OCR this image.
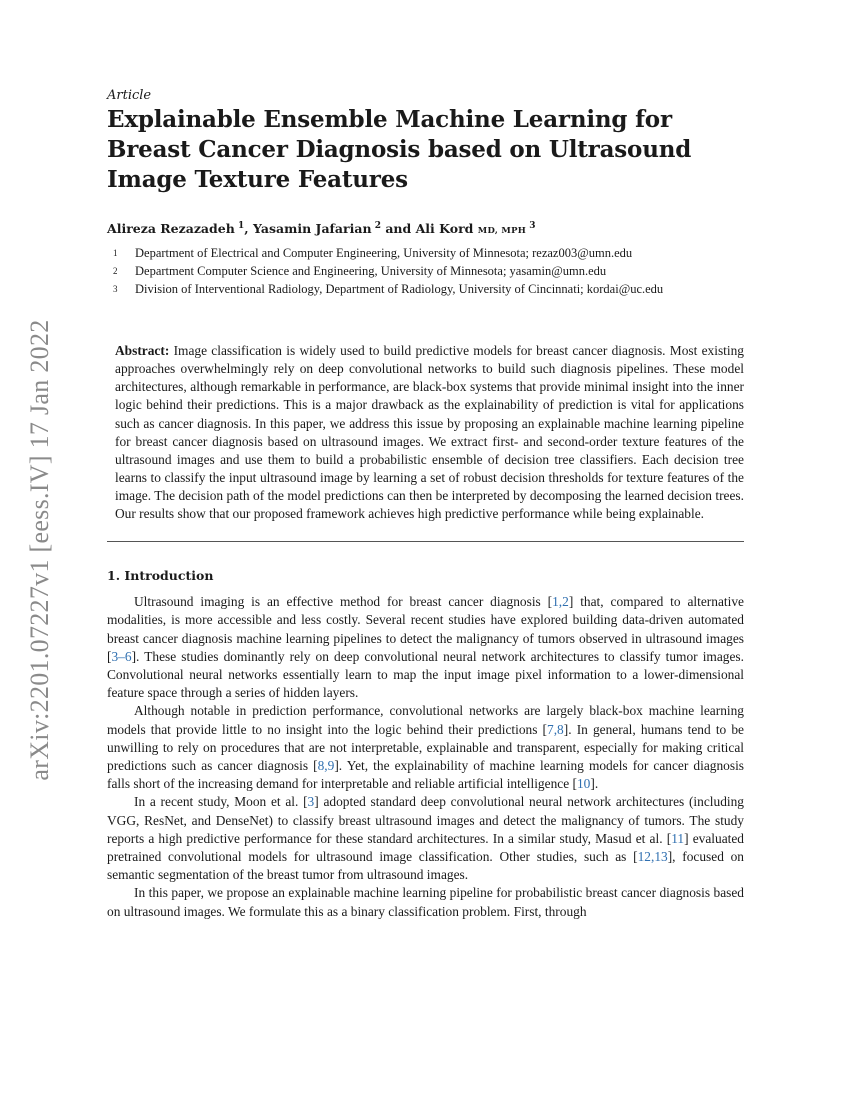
arXiv:2201.07227v1 [eess.IV] 17 Jan 2022
Article
Explainable Ensemble Machine Learning for Breast Cancer Diagnosis based on Ultrasound Image Texture Features
Alireza Rezazadeh $^1$, Yasamin Jafarian $^2$ and Ali Kord MD, MPH $^3$
1	Department of Electrical and Computer Engineering, University of Minnesota; rezaz003@umn.edu
2	Department Computer Science and Engineering, University of Minnesota; yasamin@umn.edu
3	Division of Interventional Radiology, Department of Radiology, University of Cincinnati; kordai@uc.edu
Abstract: Image classification is widely used to build predictive models for breast cancer diagnosis. Most existing approaches overwhelmingly rely on deep convolutional networks to build such diagnosis pipelines. These model architectures, although remarkable in performance, are black-box systems that provide minimal insight into the inner logic behind their predictions. This is a major drawback as the explainability of prediction is vital for applications such as cancer diagnosis. In this paper, we address this issue by proposing an explainable machine learning pipeline for breast cancer diagnosis based on ultrasound images. We extract first- and second-order texture features of the ultrasound images and use them to build a probabilistic ensemble of decision tree classifiers. Each decision tree learns to classify the input ultrasound image by learning a set of robust decision thresholds for texture features of the image. The decision path of the model predictions can then be interpreted by decomposing the learned decision trees. Our results show that our proposed framework achieves high predictive performance while being explainable.
1. Introduction

Ultrasound imaging is an effective method for breast cancer diagnosis [1,2] that, compared to alternative modalities, is more accessible and less costly. Several recent studies have explored building data-driven automated breast cancer diagnosis machine learning pipelines to detect the malignancy of tumors observed in ultrasound images [3–6]. These studies dominantly rely on deep convolutional neural network architectures to classify tumor images. Convolutional neural networks essentially learn to map the input image pixel information to a lower-dimensional feature space through a series of hidden layers.

Although notable in prediction performance, convolutional networks are largely black-box machine learning models that provide little to no insight into the logic behind their predictions [7,8]. In general, humans tend to be unwilling to rely on procedures that are not interpretable, explainable and transparent, especially for making critical predictions such as cancer diagnosis [8,9]. Yet, the explainability of machine learning models for cancer diagnosis falls short of the increasing demand for interpretable and reliable artificial intelligence [10].

In a recent study, Moon et al. [3] adopted standard deep convolutional neural network architectures (including VGG, ResNet, and DenseNet) to classify breast ultrasound images and detect the malignancy of tumors. The study reports a high predictive performance for these standard architectures. In a similar study, Masud et al. [11] evaluated pretrained convolutional models for ultrasound image classification. Other studies, such as [12,13], focused on semantic segmentation of the breast tumor from ultrasound images.

In this paper, we propose an explainable machine learning pipeline for probabilistic breast cancer diagnosis based on ultrasound images. We formulate this as a binary classification problem. First, through
